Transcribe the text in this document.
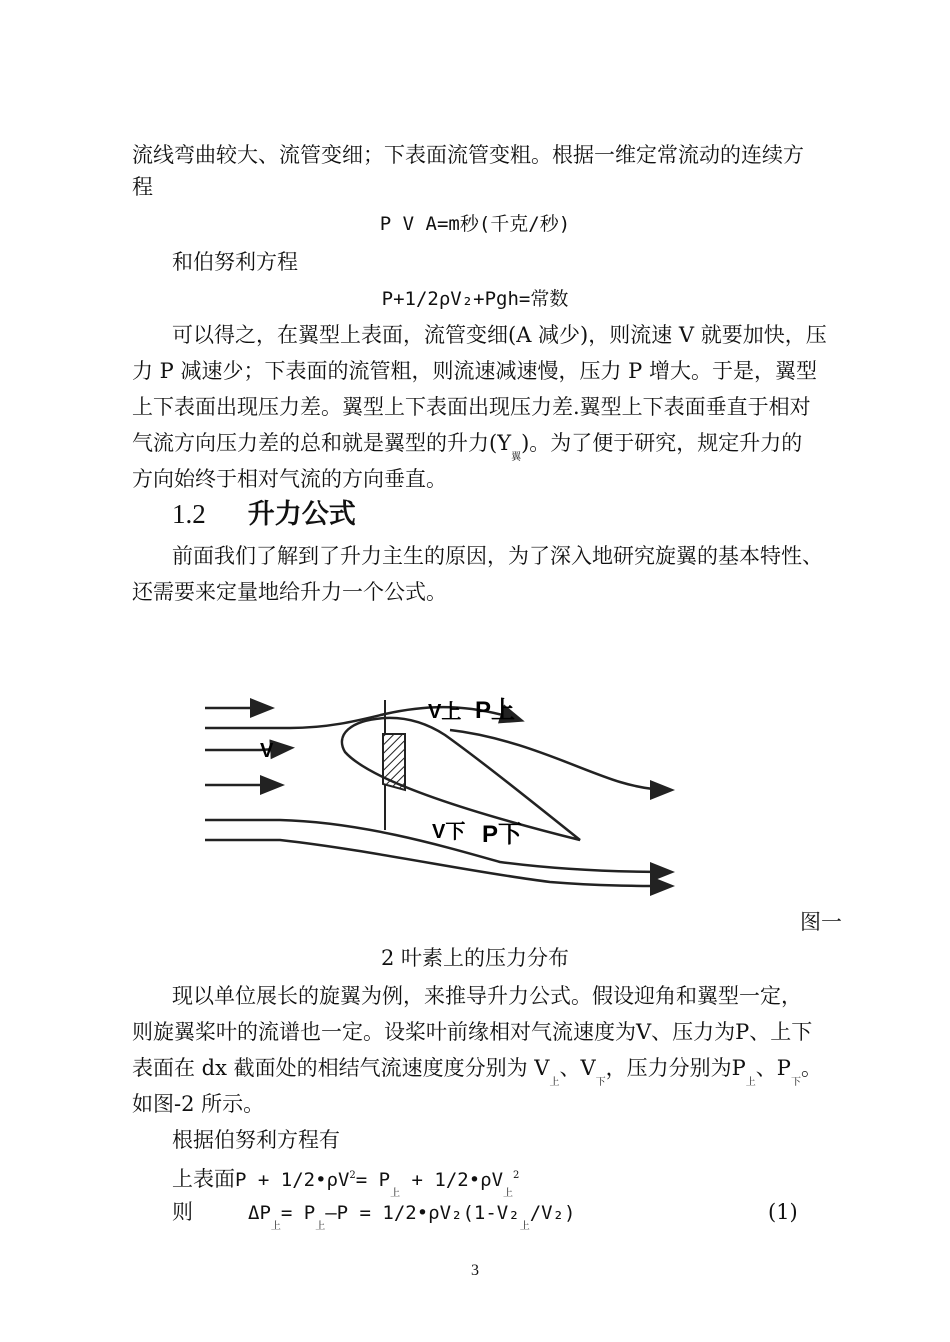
流线弯曲较大、流管变细；下表面流管变粗。根据一维定常流动的连续方
程
P V A=m秒(千克/秒)
和伯努利方程
P+1/2ρV₂+Pgh=常数
可以得之，在翼型上表面，流管变细(A 减少)，则流速 V 就要加快，压
力 P 减速少；下表面的流管粗，则流速减速慢，压力 P 增大。于是，翼型
上下表面出现压力差。翼型上下表面出现压力差.翼型上下表面垂直于相对
气流方向压力差的总和就是翼型的升力$(Y_翼)$。为了便于研究，规定升力的
方向始终于相对气流的方向垂直。
1.2 升力公式
前面我们了解到了升力主生的原因，为了深入地研究旋翼的基本特性、
还需要来定量地给升力一个公式。
V
V上 P上
V下 P下
图一
2 叶素上的压力分布
现以单位展长的旋翼为例，来推导升力公式。假设迎角和翼型一定，
则旋翼桨叶的流谱也一定。设桨叶前缘相对气流速度为V、压力为P、上下
表面在 dx 截面处的相结气流速度度分别为 $V_上$、$V_下$，压力分别为$P_上$、$P_下$。
如图-2 所示。
根据伯努利方程有
上表面$P + 1/2•\rho V^2= P_上$ + $1/2•\rho V_上^2$
则	$\Delta P_上=$ $P_上—P$ = $1/2•\rho V_2(1-V_2_上/V_2)$	(1)
3
